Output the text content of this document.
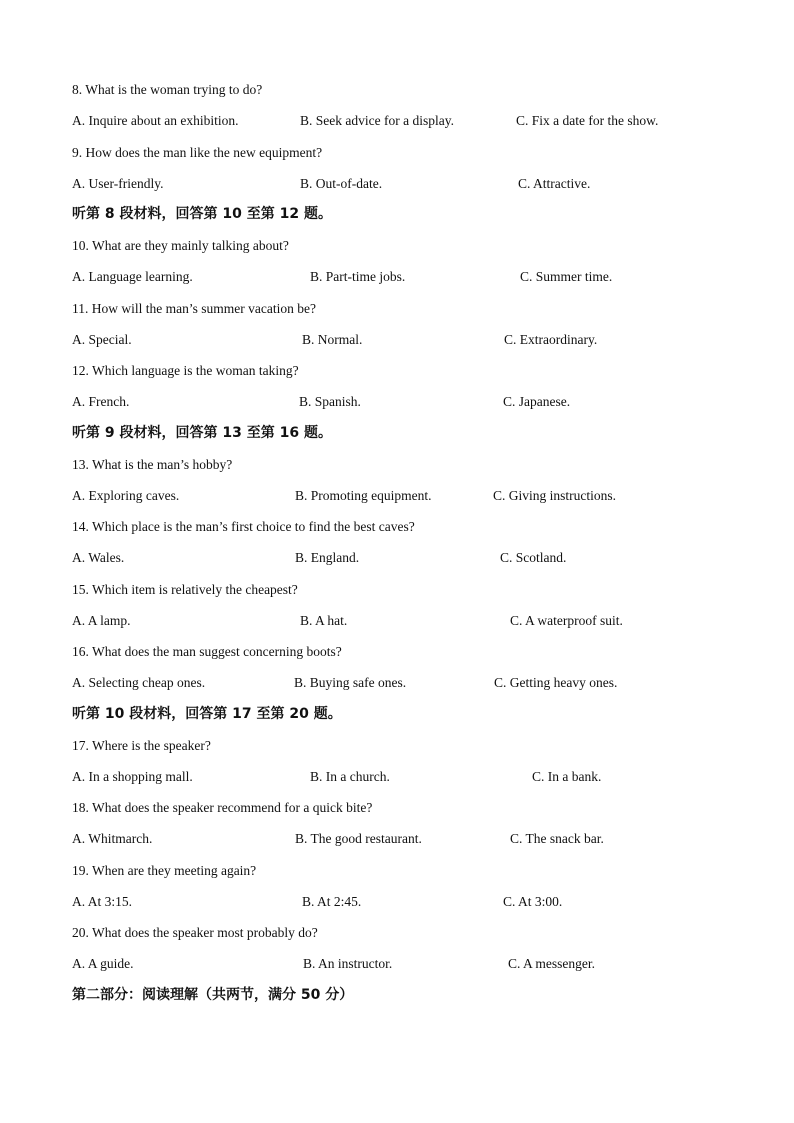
8. What is the woman trying to do?
A. Inquire about an exhibition.	B. Seek advice for a display.	C. Fix a date for the show.
9. How does the man like the new equipment?
A. User-friendly.	B. Out-of-date.	C. Attractive.
听第 8 段材料，回答第 10 至第 12 题。
10. What are they mainly talking about?
A. Language learning.	B. Part-time jobs.	C. Summer time.
11. How will the man’s summer vacation be?
A. Special.	B. Normal.	C. Extraordinary.
12. Which language is the woman taking?
A. French.	B. Spanish.	C. Japanese.
听第 9 段材料，回答第 13 至第 16 题。
13. What is the man’s hobby?
A. Exploring caves.	B. Promoting equipment.	C. Giving instructions.
14. Which place is the man’s first choice to find the best caves?
A. Wales.	B. England.	C. Scotland.
15. Which item is relatively the cheapest?
A. A lamp.	B. A hat.	C. A waterproof suit.
16. What does the man suggest concerning boots?
A. Selecting cheap ones.	B. Buying safe ones.	C. Getting heavy ones.
听第 10 段材料，回答第 17 至第 20 题。
17. Where is the speaker?
A. In a shopping mall.	B. In a church.	C. In a bank.
18. What does the speaker recommend for a quick bite?
A. Whitmarch.	B. The good restaurant.	C. The snack bar.
19. When are they meeting again?
A. At 3:15.	B. At 2:45.	C. At 3:00.
20. What does the speaker most probably do?
A. A guide.	B. An instructor.	C. A messenger.
第二部分：阅读理解（共两节，满分 50 分）
